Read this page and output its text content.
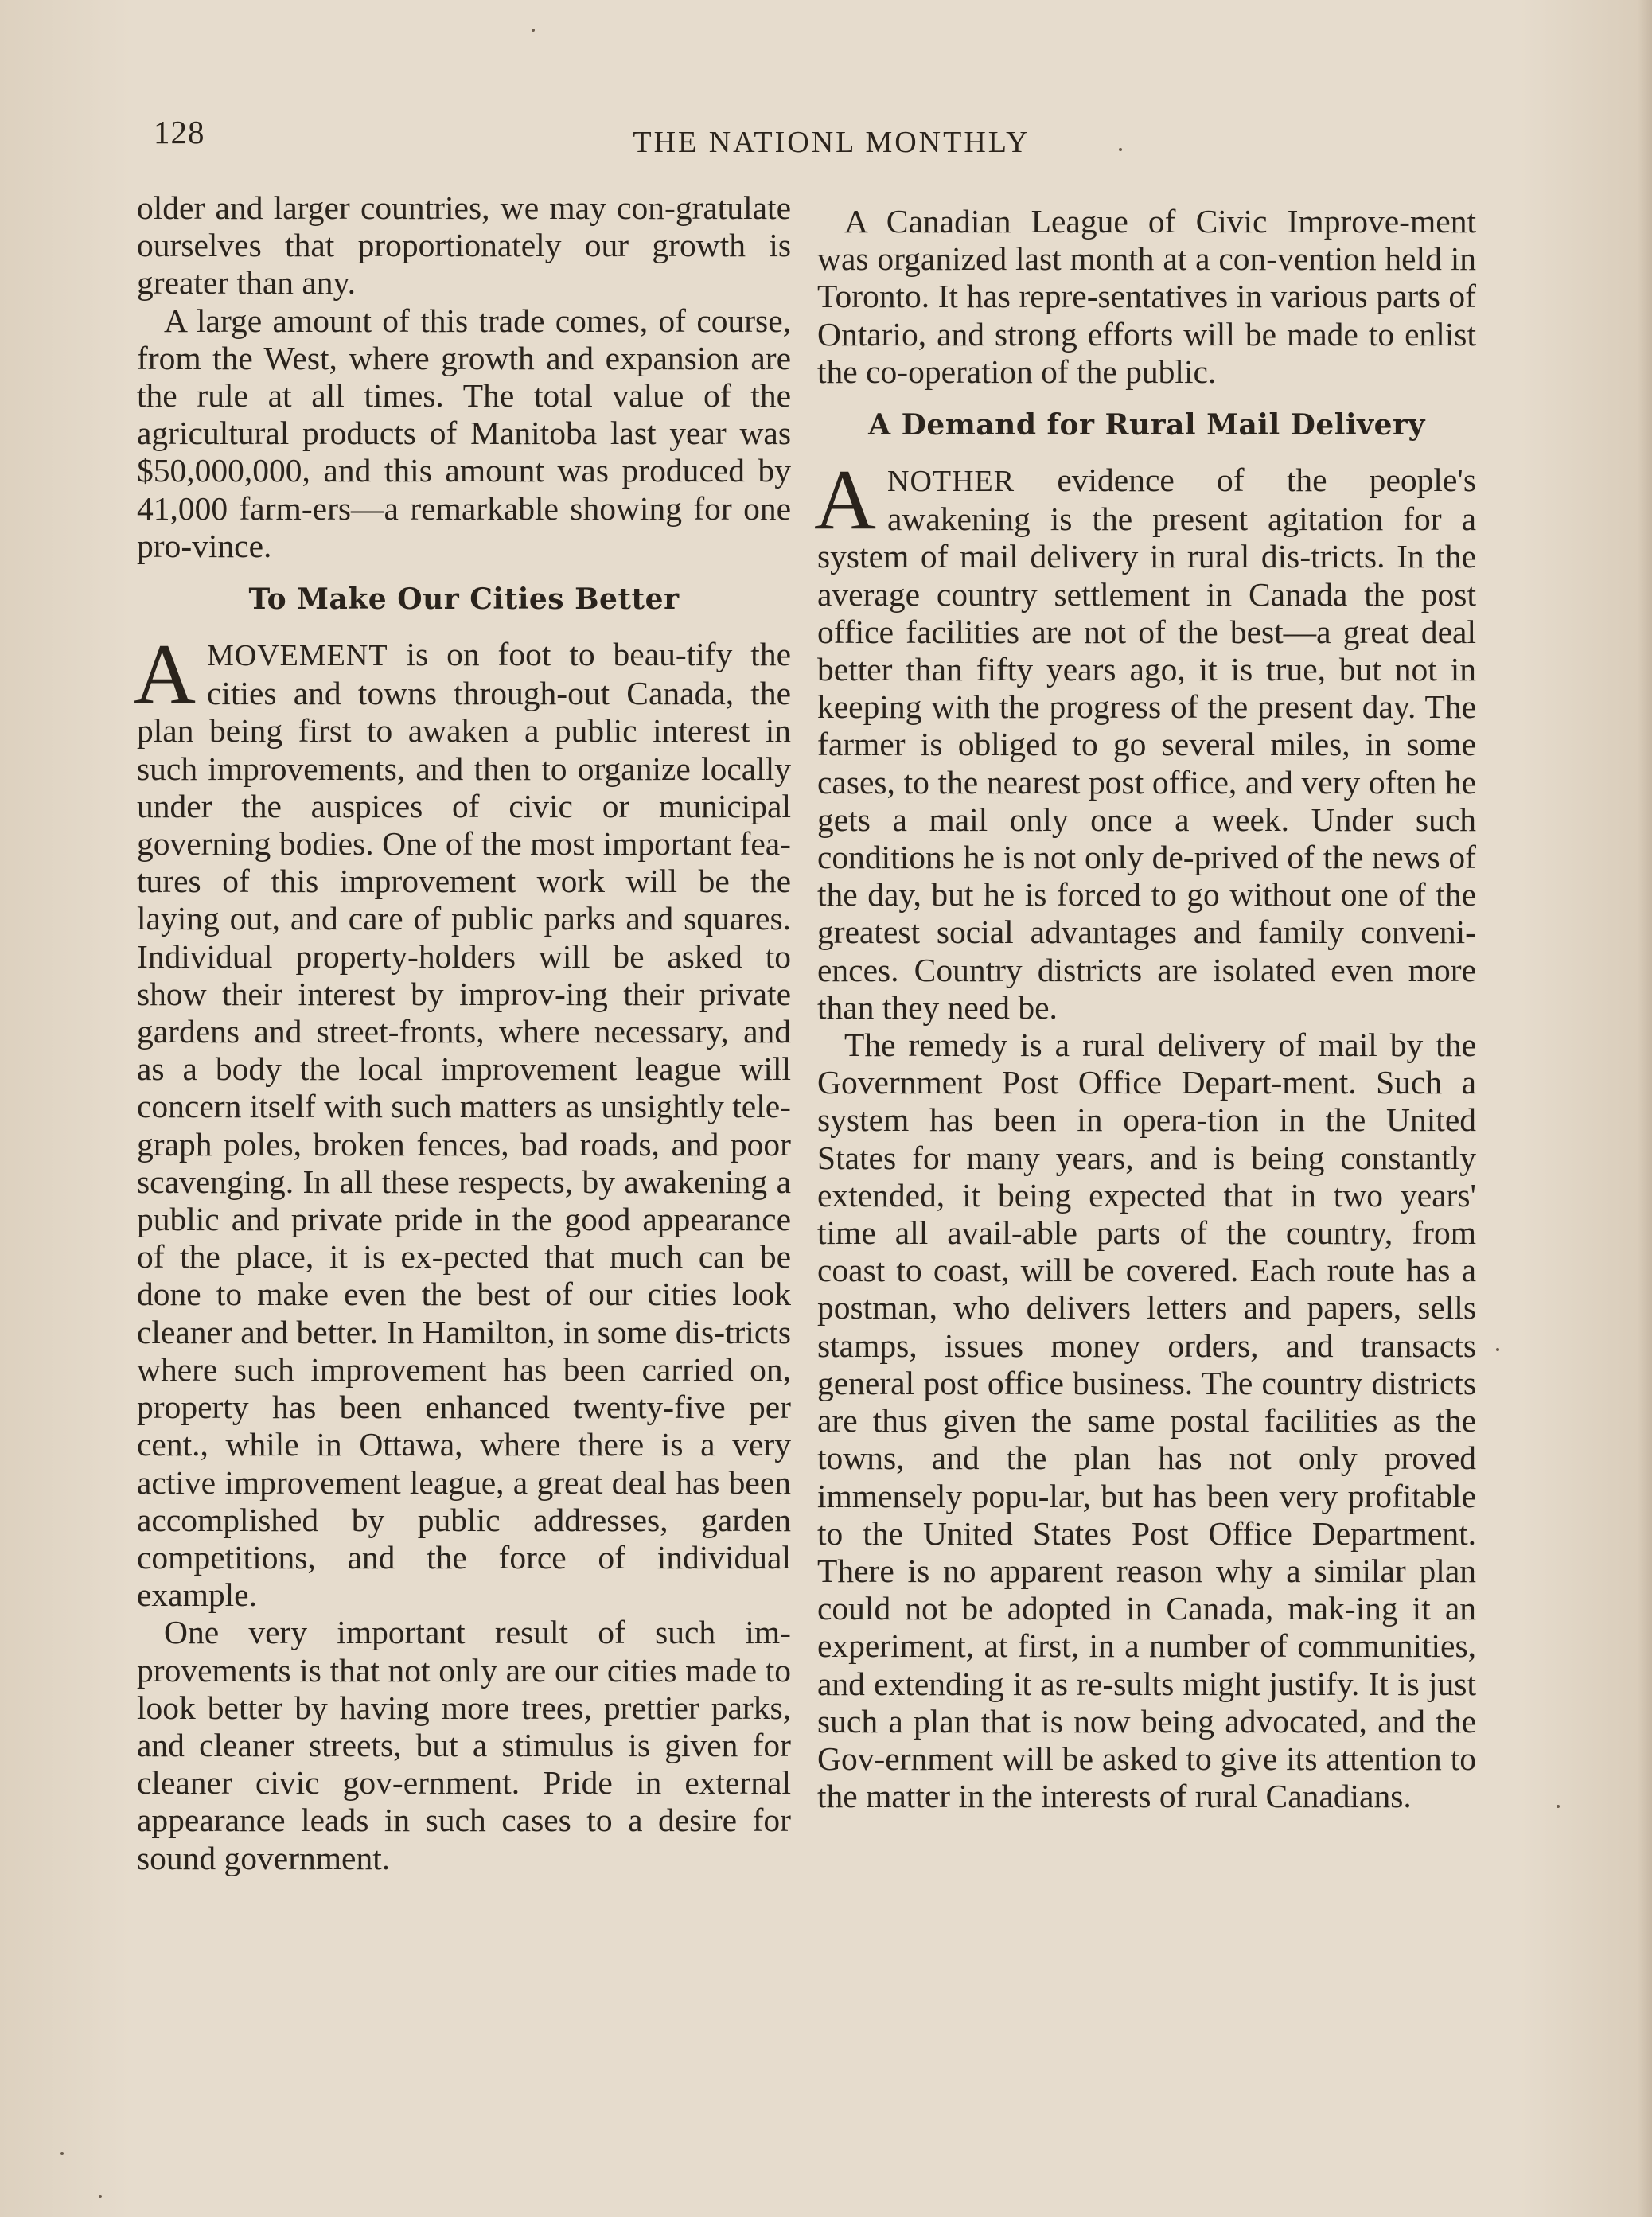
128	THE NATIONL MONTHLY

older and larger countries, we may con-gratulate ourselves that proportionately our growth is greater than any.

A large amount of this trade comes, of course, from the West, where growth and expansion are the rule at all times. The total value of the agricultural products of Manitoba last year was $50,000,000, and this amount was produced by 41,000 farm-ers—a remarkable showing for one pro-vince.

To Make Our Cities Better

AMOVEMENT is on foot to beau-tify the cities and towns through-out Canada, the plan being first to awaken a public interest in such improvements, and then to organize locally under the auspices of civic or municipal governing bodies. One of the most important fea-tures of this improvement work will be the laying out, and care of public parks and squares. Individual property-holders will be asked to show their interest by improv-ing their private gardens and street-fronts, where necessary, and as a body the local improvement league will concern itself with such matters as unsightly tele-graph poles, broken fences, bad roads, and poor scavenging. In all these respects, by awakening a public and private pride in the good appearance of the place, it is ex-pected that much can be done to make even the best of our cities look cleaner and better. In Hamilton, in some dis-tricts where such improvement has been carried on, property has been enhanced twenty-five per cent., while in Ottawa, where there is a very active improvement league, a great deal has been accomplished by public addresses, garden competitions, and the force of individual example.

One very important result of such im-provements is that not only are our cities made to look better by having more trees, prettier parks, and cleaner streets, but a stimulus is given for cleaner civic gov-ernment. Pride in external appearance leads in such cases to a desire for sound government.

A Canadian League of Civic Improve-ment was organized last month at a con-vention held in Toronto. It has repre-sentatives in various parts of Ontario, and strong efforts will be made to enlist the co-operation of the public.

A Demand for Rural Mail Delivery

ANOTHER evidence of the people's awakening is the present agitation for a system of mail delivery in rural dis-tricts. In the average country settlement in Canada the post office facilities are not of the best—a great deal better than fifty years ago, it is true, but not in keeping with the progress of the present day. The farmer is obliged to go several miles, in some cases, to the nearest post office, and very often he gets a mail only once a week. Under such conditions he is not only de-prived of the news of the day, but he is forced to go without one of the greatest social advantages and family conveni-ences. Country districts are isolated even more than they need be.

The remedy is a rural delivery of mail by the Government Post Office Depart-ment. Such a system has been in opera-tion in the United States for many years, and is being constantly extended, it being expected that in two years' time all avail-able parts of the country, from coast to coast, will be covered. Each route has a postman, who delivers letters and papers, sells stamps, issues money orders, and transacts general post office business. The country districts are thus given the same postal facilities as the towns, and the plan has not only proved immensely popu-lar, but has been very profitable to the United States Post Office Department. There is no apparent reason why a similar plan could not be adopted in Canada, mak-ing it an experiment, at first, in a number of communities, and extending it as re-sults might justify. It is just such a plan that is now being advocated, and the Gov-ernment will be asked to give its attention to the matter in the interests of rural Canadians.
